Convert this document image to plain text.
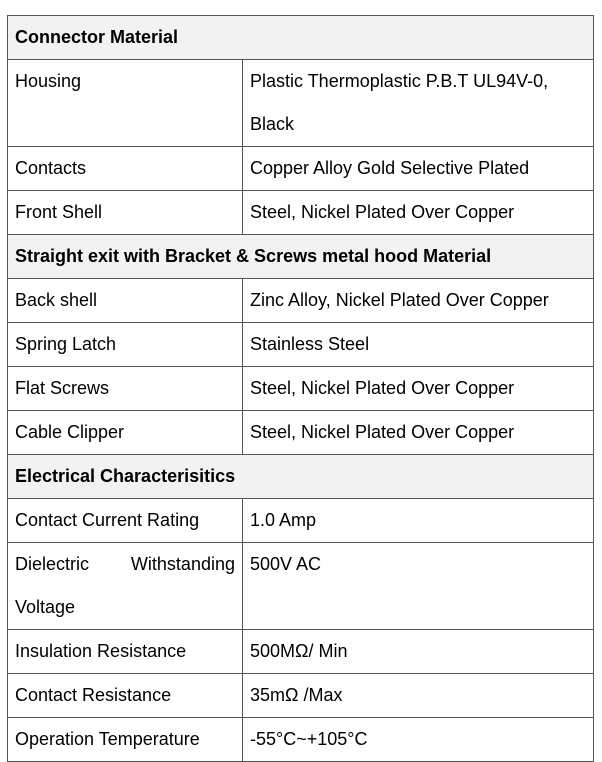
Connector Material	
Housing	Plastic Thermoplastic P.B.T UL94V-0, Black
Contacts	Copper Alloy Gold Selective Plated
Front Shell	Steel, Nickel Plated Over Copper
Straight exit with Bracket & Screws metal hood Material	
Back shell	Zinc Alloy, Nickel Plated Over Copper
Spring Latch	Stainless Steel
Flat Screws	Steel, Nickel Plated Over Copper
Cable Clipper	Steel, Nickel Plated Over Copper
Electrical Characterisitics	
Contact Current Rating	1.0 Amp
Dielectric Withstanding Voltage	500V AC
Insulation Resistance	500MΩ/ Min
Contact Resistance	35mΩ /Max
Operation Temperature	-55°C~+105°C
